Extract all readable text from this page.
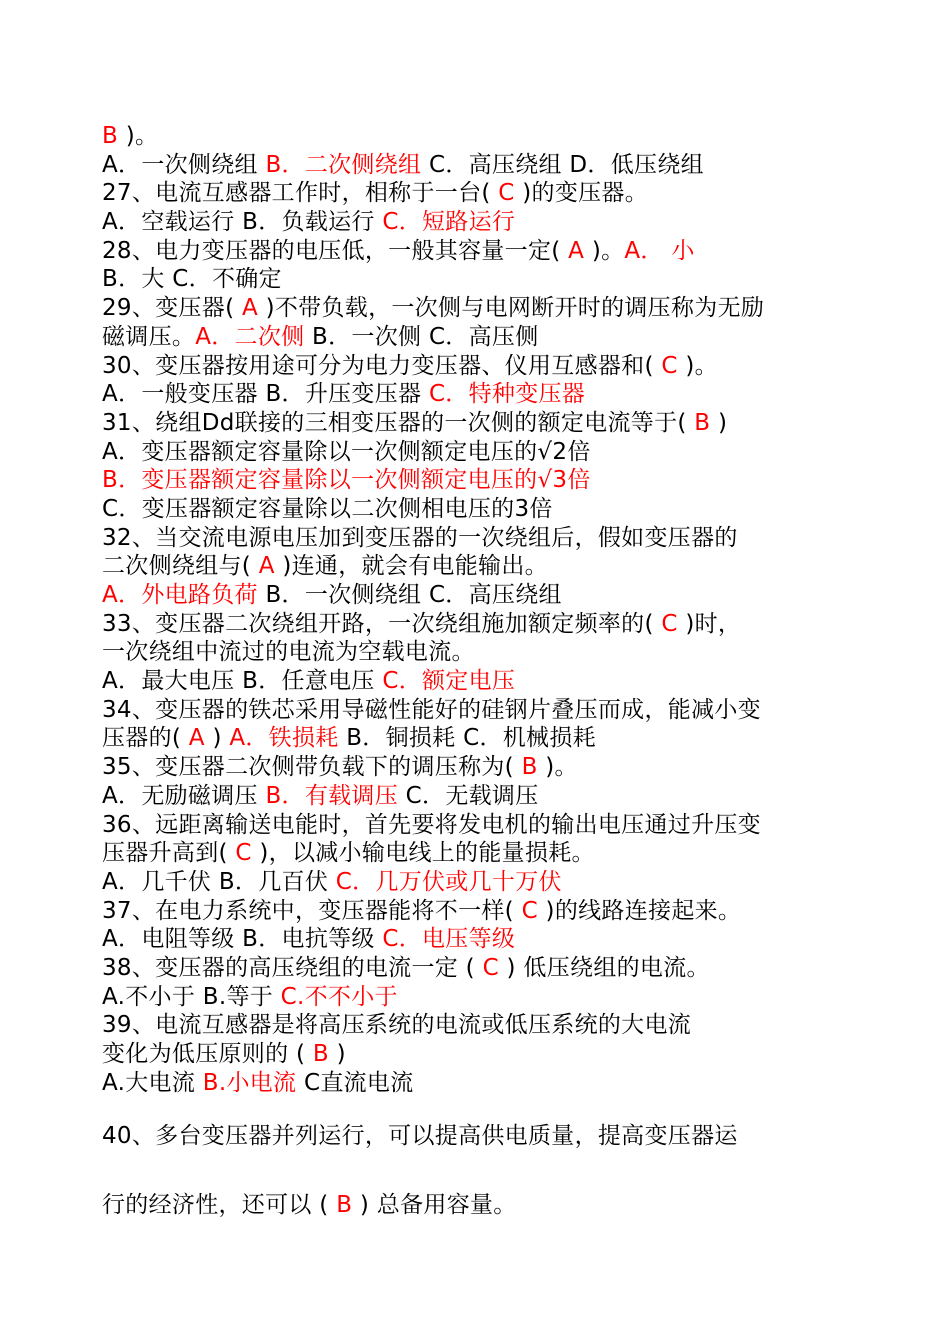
B )。
A．一次侧绕组 B．二次侧绕组 C．高压绕组 D．低压绕组
27、电流互感器工作时，相称于一台( C )的变压器。
A．空载运行 B．负载运行 C．短路运行
28、电力变压器的电压低，一般其容量一定( A )。A． 小
B．大 C．不确定
29、变压器( A )不带负载，一次侧与电网断开时的调压称为无励
磁调压。A．二次侧 B．一次侧 C．高压侧
30、变压器按用途可分为电力变压器、仪用互感器和( C )。
A．一般变压器 B．升压变压器 C．特种变压器
31、绕组Dd联接的三相变压器的一次侧的额定电流等于( B )
A．变压器额定容量除以一次侧额定电压的√2倍
B．变压器额定容量除以一次侧额定电压的√3倍
C．变压器额定容量除以二次侧相电压的3倍
32、当交流电源电压加到变压器的一次绕组后，假如变压器的
二次侧绕组与( A )连通，就会有电能输出。
A．外电路负荷 B．一次侧绕组 C．高压绕组
33、变压器二次绕组开路，一次绕组施加额定频率的( C )时，
一次绕组中流过的电流为空载电流。
A．最大电压 B．任意电压 C．额定电压
34、变压器的铁芯采用导磁性能好的硅钢片叠压而成，能减小变
压器的( A ) A．铁损耗 B．铜损耗 C．机械损耗
35、变压器二次侧带负载下的调压称为( B )。
A．无励磁调压 B．有载调压 C．无载调压
36、远距离输送电能时，首先要将发电机的输出电压通过升压变
压器升高到( C )，以减小输电线上的能量损耗。
A．几千伏 B．几百伏 C．几万伏或几十万伏
37、在电力系统中，变压器能将不一样( C )的线路连接起来。
A．电阻等级 B．电抗等级 C．电压等级
38、变压器的高压绕组的电流一定 ( C ) 低压绕组的电流。
A.不小于 B.等于 C.不不小于
39、电流互感器是将高压系统的电流或低压系统的大电流
变化为低压原则的 ( B )
A.大电流 B.小电流 C直流电流
40、多台变压器并列运行，可以提高供电质量，提高变压器运
行的经济性，还可以 ( B ) 总备用容量。
